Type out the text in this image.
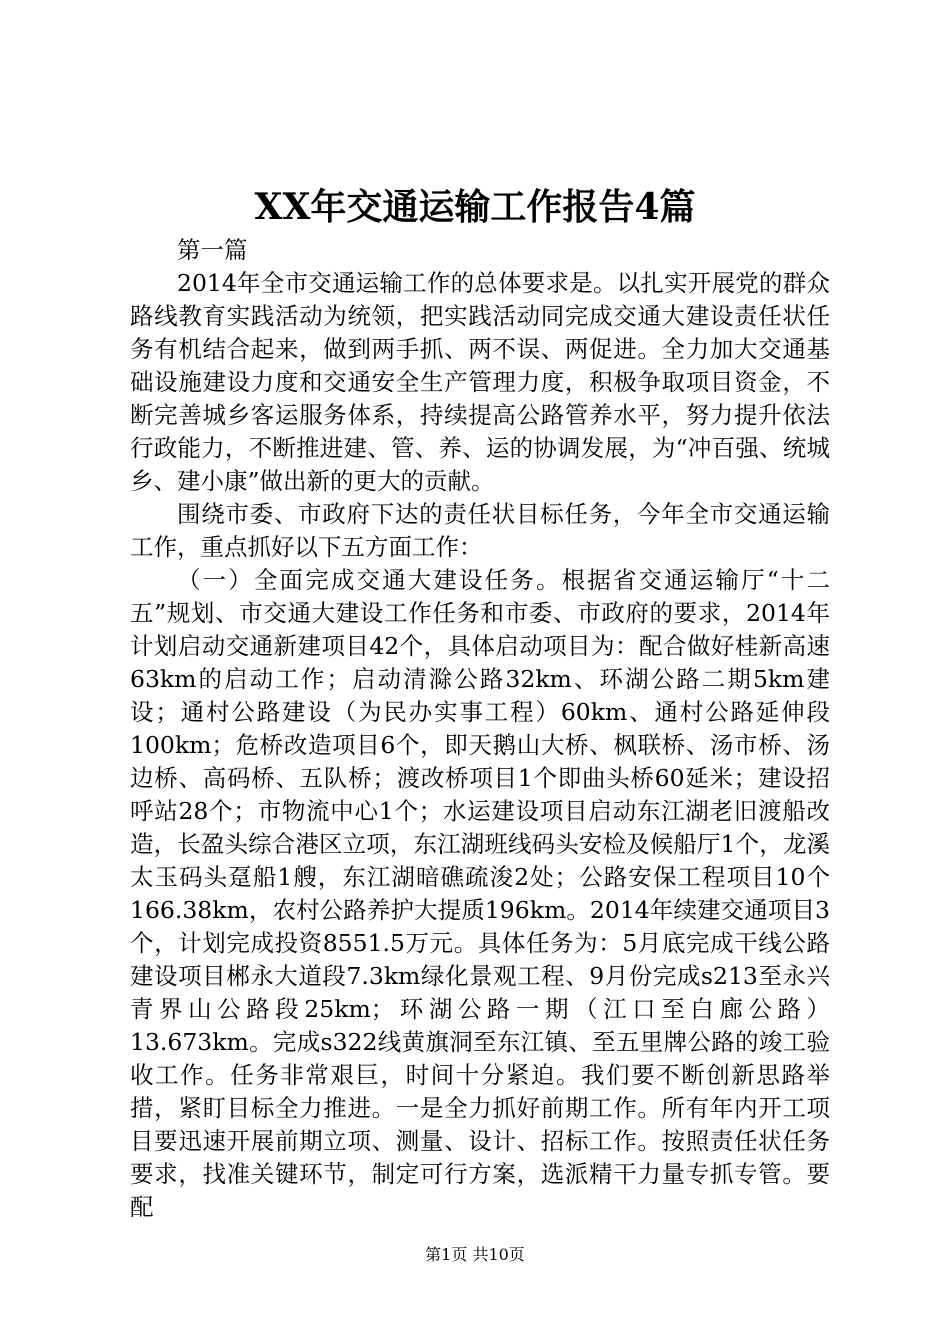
XX年交通运输工作报告4篇

第一篇

2014年全市交通运输工作的总体要求是。以扎实开展党的群众路线教育实践活动为统领，把实践活动同完成交通大建设责任状任务有机结合起来，做到两手抓、两不误、两促进。全力加大交通基础设施建设力度和交通安全生产管理力度，积极争取项目资金，不断完善城乡客运服务体系，持续提高公路管养水平，努力提升依法行政能力，不断推进建、管、养、运的协调发展，为“冲百强、统城乡、建小康”做出新的更大的贡献。

围绕市委、市政府下达的责任状目标任务，今年全市交通运输工作，重点抓好以下五方面工作：

（一）全面完成交通大建设任务。根据省交通运输厅“十二五”规划、市交通大建设工作任务和市委、市政府的要求，2014年计划启动交通新建项目42个，具体启动项目为：配合做好桂新高速63km的启动工作；启动清滁公路32km、环湖公路二期5km建设；通村公路建设（为民办实事工程）60km、通村公路延伸段100km；危桥改造项目6个，即天鹅山大桥、枫联桥、汤市桥、汤边桥、高码桥、五队桥；渡改桥项目1个即曲头桥60延米；建设招呼站28个；市物流中心1个；水运建设项目启动东江湖老旧渡船改造，长盈头综合港区立项，东江湖班线码头安检及候船厅1个，龙溪太玉码头趸船1艘，东江湖暗礁疏浚2处；公路安保工程项目10个166.38km，农村公路养护大提质196km。2014年续建交通项目3个，计划完成投资8551.5万元。具体任务为：5月底完成干线公路建设项目郴永大道段7.3km绿化景观工程、9月份完成s213至永兴青界山公路段25km；环湖公路一期（江口至白廊公路）13.673km。完成s322线黄旗洞至东江镇、至五里牌公路的竣工验收工作。任务非常艰巨，时间十分紧迫。我们要不断创新思路举措，紧盯目标全力推进。一是全力抓好前期工作。所有年内开工项目要迅速开展前期立项、测量、设计、招标工作。按照责任状任务要求，找准关键环节，制定可行方案，选派精干力量专抓专管。要配

第1页 共10页
